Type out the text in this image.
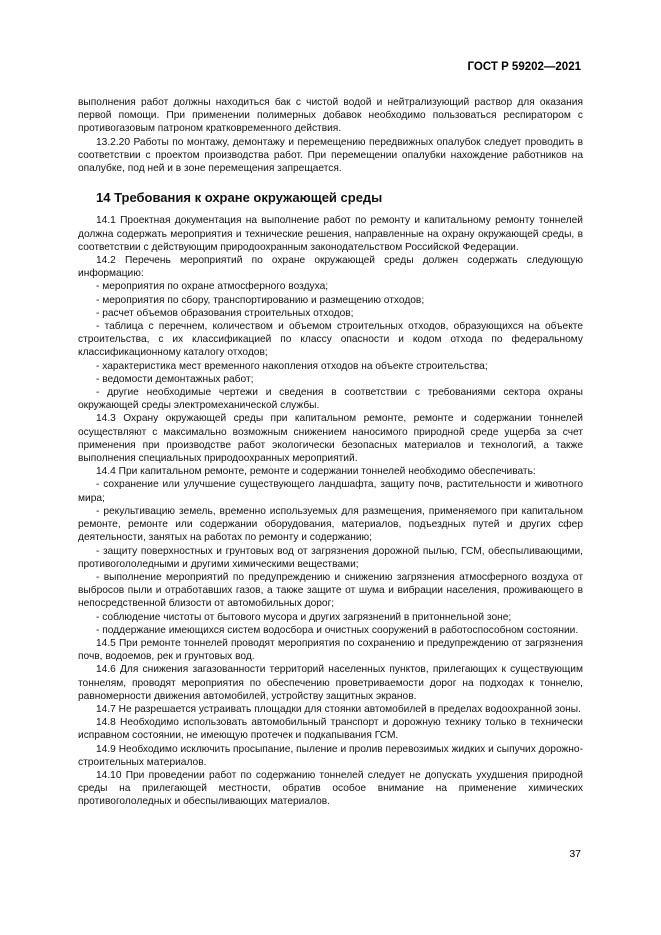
ГОСТ Р 59202—2021

выполнения работ должны находиться бак с чистой водой и нейтрализующий раствор для оказания первой помощи. При применении полимерных добавок необходимо пользоваться респиратором с противогазовым патроном кратковременного действия.

13.2.20 Работы по монтажу, демонтажу и перемещению передвижных опалубок следует проводить в соответствии с проектом производства работ. При перемещении опалубки нахождение работников на опалубке, под ней и в зоне перемещения запрещается.

14 Требования к охране окружающей среды

14.1 Проектная документация на выполнение работ по ремонту и капитальному ремонту тоннелей должна содержать мероприятия и технические решения, направленные на охрану окружающей среды, в соответствии с действующим природоохранным законодательством Российской Федерации.

14.2 Перечень мероприятий по охране окружающей среды должен содержать следующую информацию:

- мероприятия по охране атмосферного воздуха;

- мероприятия по сбору, транспортированию и размещению отходов;

- расчет объемов образования строительных отходов;

- таблица с перечнем, количеством и объемом строительных отходов, образующихся на объекте строительства, с их классификацией по классу опасности и кодом отхода по федеральному классификационному каталогу отходов;

- характеристика мест временного накопления отходов на объекте строительства;

- ведомости демонтажных работ;

- другие необходимые чертежи и сведения в соответствии с требованиями сектора охраны окружающей среды электромеханической службы.

14.3 Охрану окружающей среды при капитальном ремонте, ремонте и содержании тоннелей осуществляют с максимально возможным снижением наносимого природной среде ущерба за счет применения при производстве работ экологически безопасных материалов и технологий, а также выполнения специальных природоохранных мероприятий.

14.4 При капитальном ремонте, ремонте и содержании тоннелей необходимо обеспечивать:

- сохранение или улучшение существующего ландшафта, защиту почв, растительности и животного мира;

- рекультивацию земель, временно используемых для размещения, применяемого при капитальном ремонте, ремонте или содержании оборудования, материалов, подъездных путей и других сфер деятельности, занятых на работах по ремонту и содержанию;

- защиту поверхностных и грунтовых вод от загрязнения дорожной пылью, ГСМ, обеспыливающими, противогололедными и другими химическими веществами;

- выполнение мероприятий по предупреждению и снижению загрязнения атмосферного воздуха от выбросов пыли и отработавших газов, а также защите от шума и вибрации населения, проживающего в непосредственной близости от автомобильных дорог;

- соблюдение чистоты от бытового мусора и других загрязнений в притоннельной зоне;

- поддержание имеющихся систем водосбора и очистных сооружений в работоспособном состоянии.

14.5 При ремонте тоннелей проводят мероприятия по сохранению и предупреждению от загрязнения почв, водоемов, рек и грунтовых вод.

14.6 Для снижения загазованности территорий населенных пунктов, прилегающих к существующим тоннелям, проводят мероприятия по обеспечению проветриваемости дорог на подходах к тоннелю, равномерности движения автомобилей, устройству защитных экранов.

14.7 Не разрешается устраивать площадки для стоянки автомобилей в пределах водоохранной зоны.

14.8 Необходимо использовать автомобильный транспорт и дорожную технику только в технически исправном состоянии, не имеющую протечек и подкапывания ГСМ.

14.9 Необходимо исключить просыпание, пыление и пролив перевозимых жидких и сыпучих дорожно-строительных материалов.

14.10 При проведении работ по содержанию тоннелей следует не допускать ухудшения природной среды на прилегающей местности, обратив особое внимание на применение химических противогололедных и обеспыливающих материалов.

37
